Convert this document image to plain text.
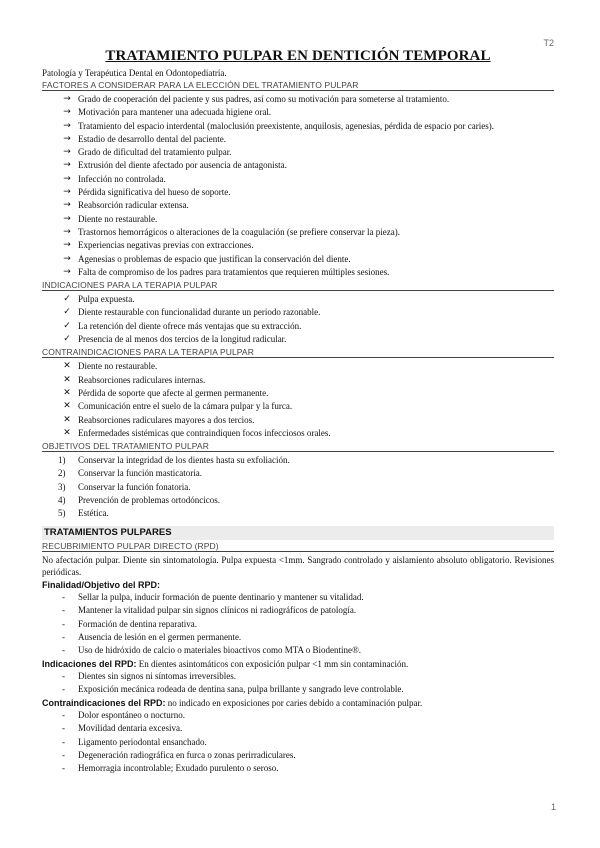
T2
TRATAMIENTO PULPAR EN DENTICIÓN TEMPORAL
Patología y Terapéutica Dental en Odontopediatría.
FACTORES A CONSIDERAR PARA LA ELECCIÓN DEL TRATAMIENTO PULPAR
→ Grado de cooperación del paciente y sus padres, así como su motivación para someterse al tratamiento.
→ Motivación para mantener una adecuada higiene oral.
→ Tratamiento del espacio interdental (maloclusión preexistente, anquilosis, agenesias, pérdida de espacio por caries).
→ Estadio de desarrollo dental del paciente.
→ Grado de dificultad del tratamiento pulpar.
→ Extrusión del diente afectado por ausencia de antagonista.
→ Infección no controlada.
→ Pérdida significativa del hueso de soporte.
→ Reabsorción radicular extensa.
→ Diente no restaurable.
→ Trastornos hemorrágicos o alteraciones de la coagulación (se prefiere conservar la pieza).
→ Experiencias negativas previas con extracciones.
→ Agenesias o problemas de espacio que justifican la conservación del diente.
→ Falta de compromiso de los padres para tratamientos que requieren múltiples sesiones.
INDICACIONES PARA LA TERAPIA PULPAR
✓ Pulpa expuesta.
✓ Diente restaurable con funcionalidad durante un periodo razonable.
✓ La retención del diente ofrece más ventajas que su extracción.
✓ Presencia de al menos dos tercios de la longitud radicular.
CONTRAINDICACIONES PARA LA TERAPIA PULPAR
✕ Diente no restaurable.
✕ Reabsorciones radiculares internas.
✕ Pérdida de soporte que afecte al germen permanente.
✕ Comunicación entre el suelo de la cámara pulpar y la furca.
✕ Reabsorciones radiculares mayores a dos tercios.
✕ Enfermedades sistémicas que contraindiquen focos infecciosos orales.
OBJETIVOS DEL TRATAMIENTO PULPAR
1)	Conservar la integridad de los dientes hasta su exfoliación.
2)	Conservar la función masticatoria.
3)	Conservar la función fonatoria.
4)	Prevención de problemas ortodóncicos.
5)	Estética.
TRATAMIENTOS PULPARES
RECUBRIMIENTO PULPAR DIRECTO (RPD)

No afectación pulpar. Diente sin sintomatología. Pulpa expuesta <1mm. Sangrado controlado y aislamiento absoluto obligatorio. Revisiones periódicas.

Finalidad/Objetivo del RPD:
- Sellar la pulpa, inducir formación de puente dentinario y mantener su vitalidad.
- Mantener la vitalidad pulpar sin signos clínicos ni radiográficos de patología.
- Formación de dentina reparativa.
- Ausencia de lesión en el germen permanente.
- Uso de hidróxido de calcio o materiales bioactivos como MTA o Biodentine®.
Indicaciones del RPD: En dientes asintomáticos con exposición pulpar <1 mm sin contaminación.
- Dientes sin signos ni síntomas irreversibles.
- Exposición mecánica rodeada de dentina sana, pulpa brillante y sangrado leve controlable.
Contraindicaciones del RPD: no indicado en exposiciones por caries debido a contaminación pulpar.
- Dolor espontáneo o nocturno.
- Movilidad dentaria excesiva.
- Ligamento periodontal ensanchado.
- Degeneración radiográfica en furca o zonas perirradiculares.
- Hemorragia incontrolable; Exudado purulento o seroso.
1
